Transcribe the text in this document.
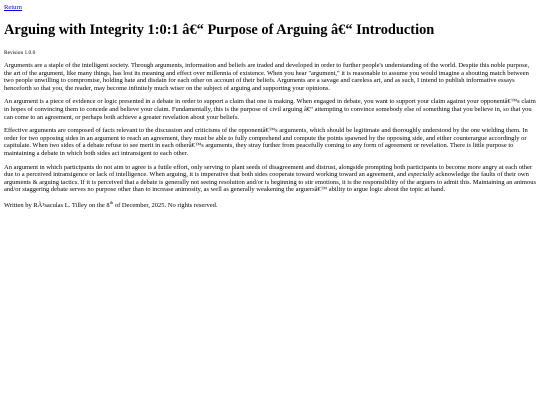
Return
Arguing with Integrity 1:0:1 â€“ Purpose of Arguing â€“ Introduction
Revision 1.0.0

Arguments are a staple of the intelligent society. Through arguments, information and beliefs are traded and developed in order to further people's understanding of the world. Despite this noble purpose, the art of the argument, like many things, has lost its meaning and effect over millennia of existence. When you hear "argument," it is reasonable to assume you would imagine a shouting match between two people unwilling to compromise, holding hate and disdain for each other on account of their beliefs. Arguments are a savage and careless art, and as such, I intend to publish informative essays henceforth so that you, the reader, may become infinitely much wiser on the subject of arguing and supporting your opinions.

An argument is a piece of evidence or logic presented in a debate in order to support a claim that one is making. When engaged in debate, you want to support your claim against your opponentâ€™s claim in hopes of convincing them to concede and believe your claim. Fundamentally, this is the purpose of civil arguing â€“ attempting to convince somebody else of something that you believe in, so that you can come to an agreement, or perhaps both achieve a greater revelation about your beliefs.

Effective arguments are composed of facts relevant to the discussion and criticisms of the opponentâ€™s arguments, which should be legitimate and thoroughly understood by the one wielding them. In order for two opposing sides in an argument to reach an agreement, they must be able to fully comprehend and compute the points spawned by the opposing side, and either counterargue accordingly or capitulate. When two sides of a debate refuse to see merit in each otherâ€™s arguments, they stray further from peacefully coming to any form of agreement or revelation. There is little purpose to maintaining a debate in which both sides act intransigent to each other.

An argument in which participants do not aim to agree is a futile effort, only serving to plant seeds of disagreement and distrust, alongside prompting both participants to become more angry at each other due to a perceived intransigence or lack of intelligence. When arguing, it is imperative that both sides cooperate toward working toward an agreement, and especially acknowledge the faults of their own arguments & arguing tactics. If it is perceived that a debate is generally not seeing resolution and/or is beginning to stir emotions, it is the responsibility of the arguers to admit this. Maintaining an animous and/or staggering debate serves no purpose other than to increase animosity, as well as generally weakening the arguersâ€™ ability to argue logic about the topic at hand.

Written by RÃ³saculas L. Tilley on the 8th of December, 2025. No rights reserved.
